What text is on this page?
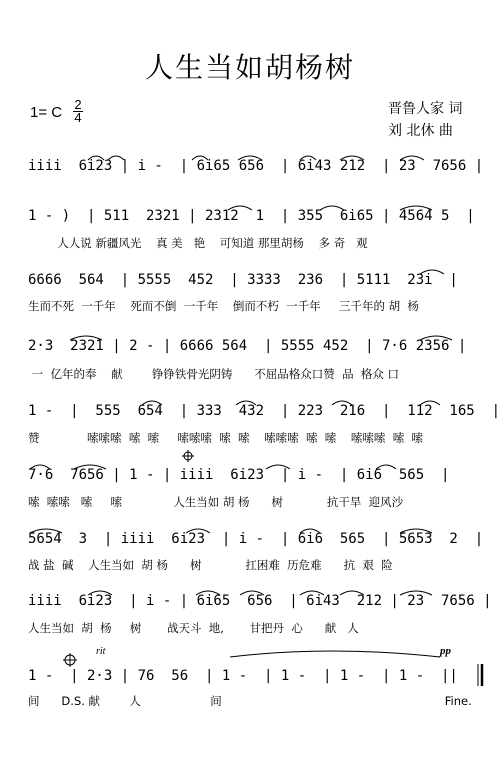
人生当如胡杨树
1= C 2
4
晋鲁人家 词
刘 北休 曲
iiii  6i23 | i -  | 6i65 656  | 6i43 212  | 23  7656 |
1 - )  | 511  2321 | 2312  1  | 355  6i65 | 4564 5  |
人人说 新疆风光    真 美   艳    可知道 那里胡杨    多 奇   观
6666  564  | 5555  452  | 3333  236  | 5111  23i  |
生而不死  一千年    死而不倒  一千年    倒而不朽  一千年     三千年的 胡  杨
2·3  2321 | 2 - | 6666 564  | 5555 452  | 7·6 2356 |
一  亿年的奉    献        铮铮铁骨光阴铸      不屈品格众口赞  品  格众 口
1 -  |  555  654  | 333  432  | 223  216  |  112  165  |
赞             嗦嗦嗦  嗦  嗦     嗦嗦嗦  嗦  嗦    嗦嗦嗦  嗦  嗦    嗦嗦嗦  嗦  嗦
7·6  7656 | 1 - | iiii  6i23  | i -  | 6i6  565  |
嗦  嗦嗦   嗦     嗦              人生当如 胡 杨      树            抗干旱  迎风沙
5654  3  | iiii  6i23  | i -  | 6i6  565  | 5653  2  |
战 盐  碱    人生当如  胡 杨      树            扛困难  历危难      抗  艰  险
iiii  6i23  | i - | 6i65  656  | 6i43  212 | 23  7656 |
人生当如  胡  杨     树       战天斗  地,       甘把丹  心      献   人
1 -  | 2·3 | 76  56  | 1 -  | 1 -  | 1 -  | 1 -  ||
间      D.S. 献        人                   间                                                             Fine.
rit	pp
